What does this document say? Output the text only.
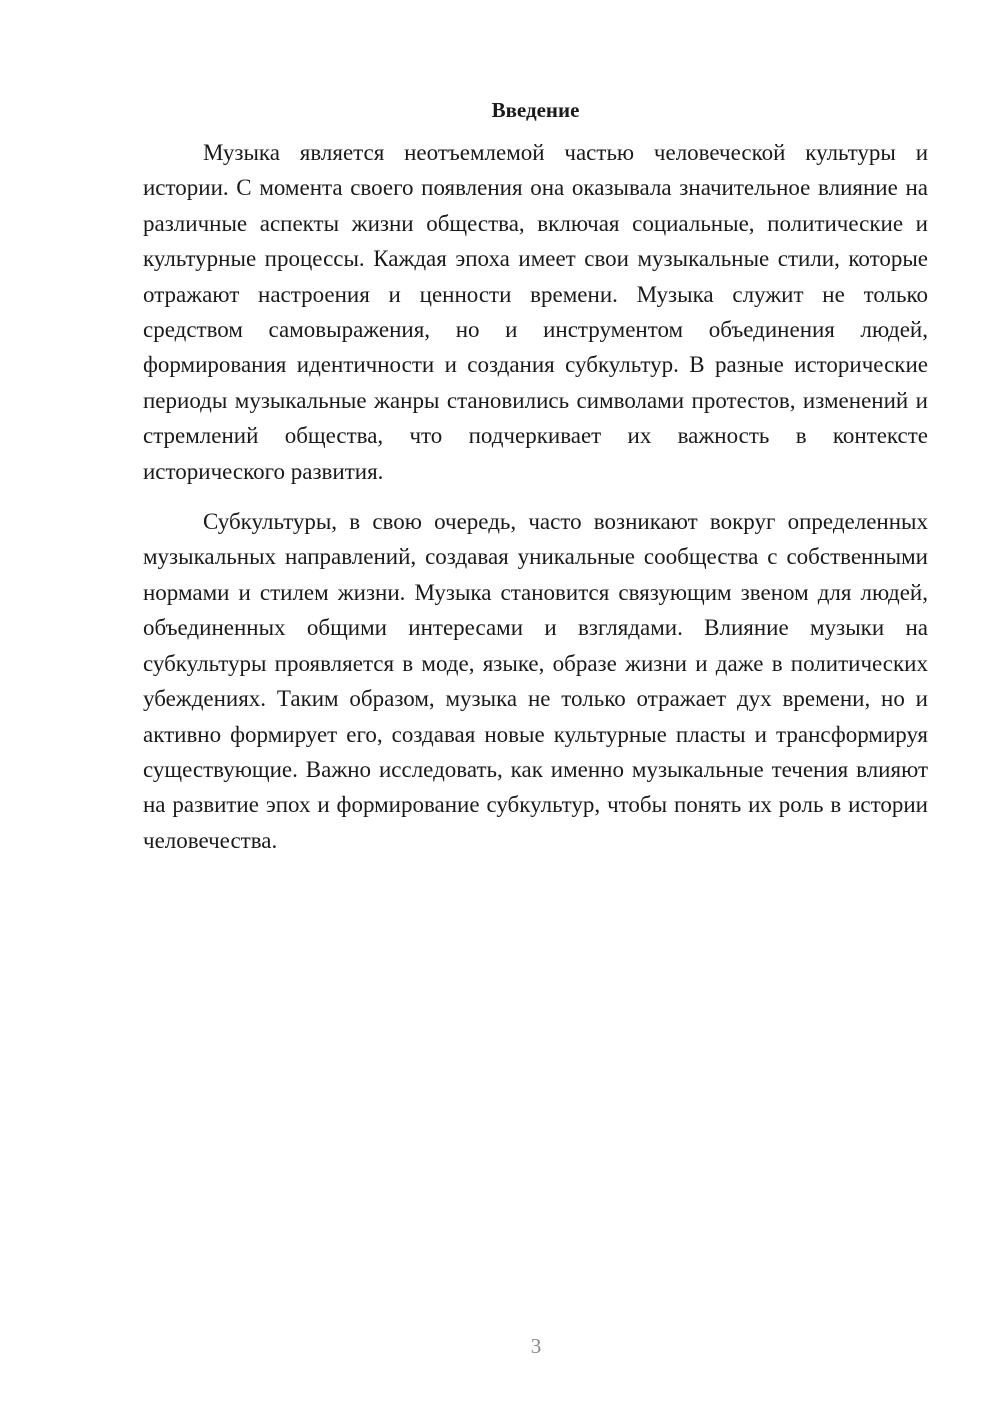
Введение

Музыка является неотъемлемой частью человеческой культуры и истории. С момента своего появления она оказывала значительное влияние на различные аспекты жизни общества, включая социальные, политические и культурные процессы. Каждая эпоха имеет свои музыкальные стили, которые отражают настроения и ценности времени. Музыка служит не только средством самовыражения, но и инструментом объединения людей, формирования идентичности и создания субкультур. В разные исторические периоды музыкальные жанры становились символами протестов, изменений и стремлений общества, что подчеркивает их важность в контексте исторического развития.

Субкультуры, в свою очередь, часто возникают вокруг определенных музыкальных направлений, создавая уникальные сообщества с собственными нормами и стилем жизни. Музыка становится связующим звеном для людей, объединенных общими интересами и взглядами. Влияние музыки на субкультуры проявляется в моде, языке, образе жизни и даже в политических убеждениях. Таким образом, музыка не только отражает дух времени, но и активно формирует его, создавая новые культурные пласты и трансформируя существующие. Важно исследовать, как именно музыкальные течения влияют на развитие эпох и формирование субкультур, чтобы понять их роль в истории человечества.

3
